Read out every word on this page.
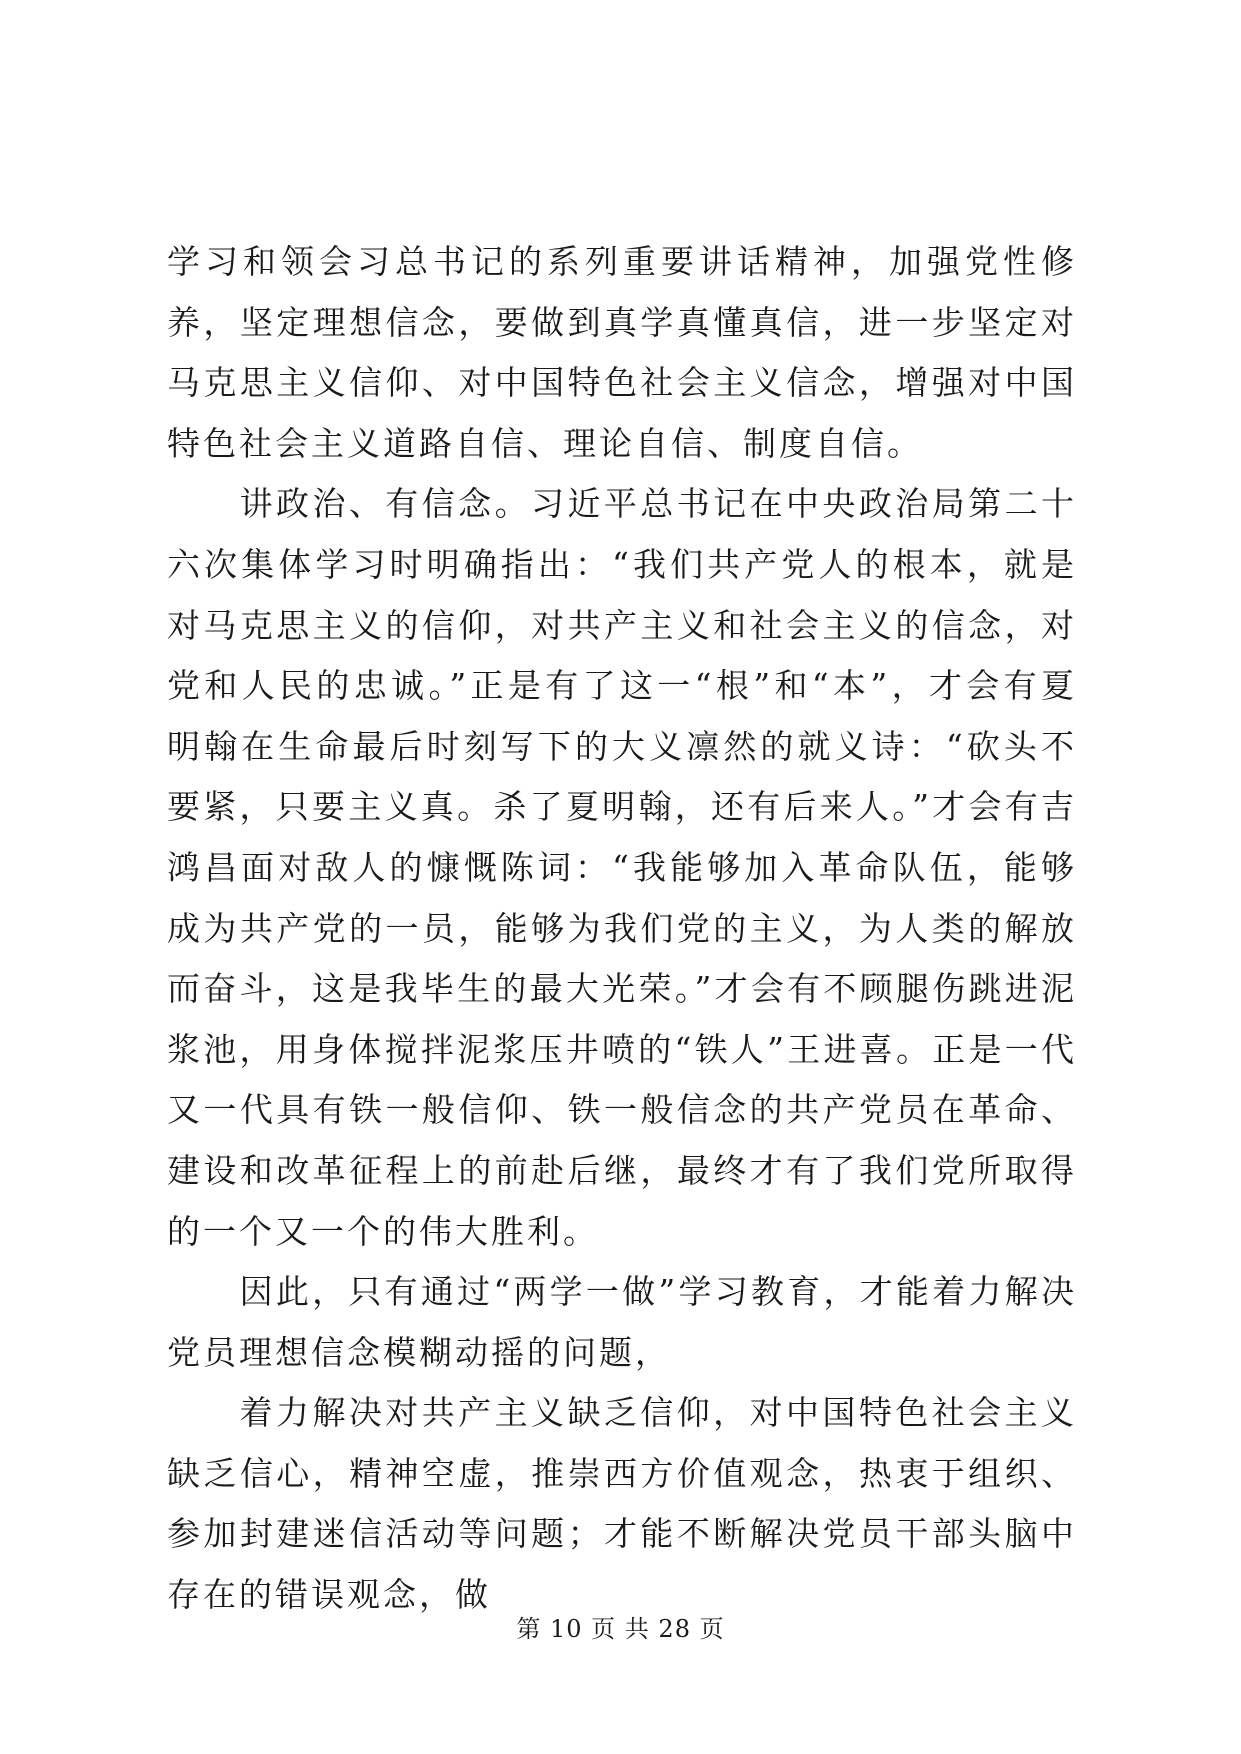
学习和领会习总书记的系列重要讲话精神，加强党性修养，坚定理想信念，要做到真学真懂真信，进一步坚定对马克思主义信仰、对中国特色社会主义信念，增强对中国特色社会主义道路自信、理论自信、制度自信。

讲政治、有信念。习近平总书记在中央政治局第二十六次集体学习时明确指出：“我们共产党人的根本，就是对马克思主义的信仰，对共产主义和社会主义的信念，对党和人民的忠诚。”正是有了这一“根”和“本”，才会有夏明翰在生命最后时刻写下的大义凛然的就义诗：“砍头不要紧，只要主义真。杀了夏明翰，还有后来人。”才会有吉鸿昌面对敌人的慷慨陈词：“我能够加入革命队伍，能够成为共产党的一员，能够为我们党的主义，为人类的解放而奋斗，这是我毕生的最大光荣。”才会有不顾腿伤跳进泥浆池，用身体搅拌泥浆压井喷的“铁人”王进喜。正是一代又一代具有铁一般信仰、铁一般信念的共产党员在革命、建设和改革征程上的前赴后继，最终才有了我们党所取得的一个又一个的伟大胜利。

因此，只有通过“两学一做”学习教育，才能着力解决党员理想信念模糊动摇的问题，

着力解决对共产主义缺乏信仰，对中国特色社会主义缺乏信心，精神空虚，推崇西方价值观念，热衷于组织、参加封建迷信活动等问题；才能不断解决党员干部头脑中存在的错误观念，做

第 10 页 共 28 页
